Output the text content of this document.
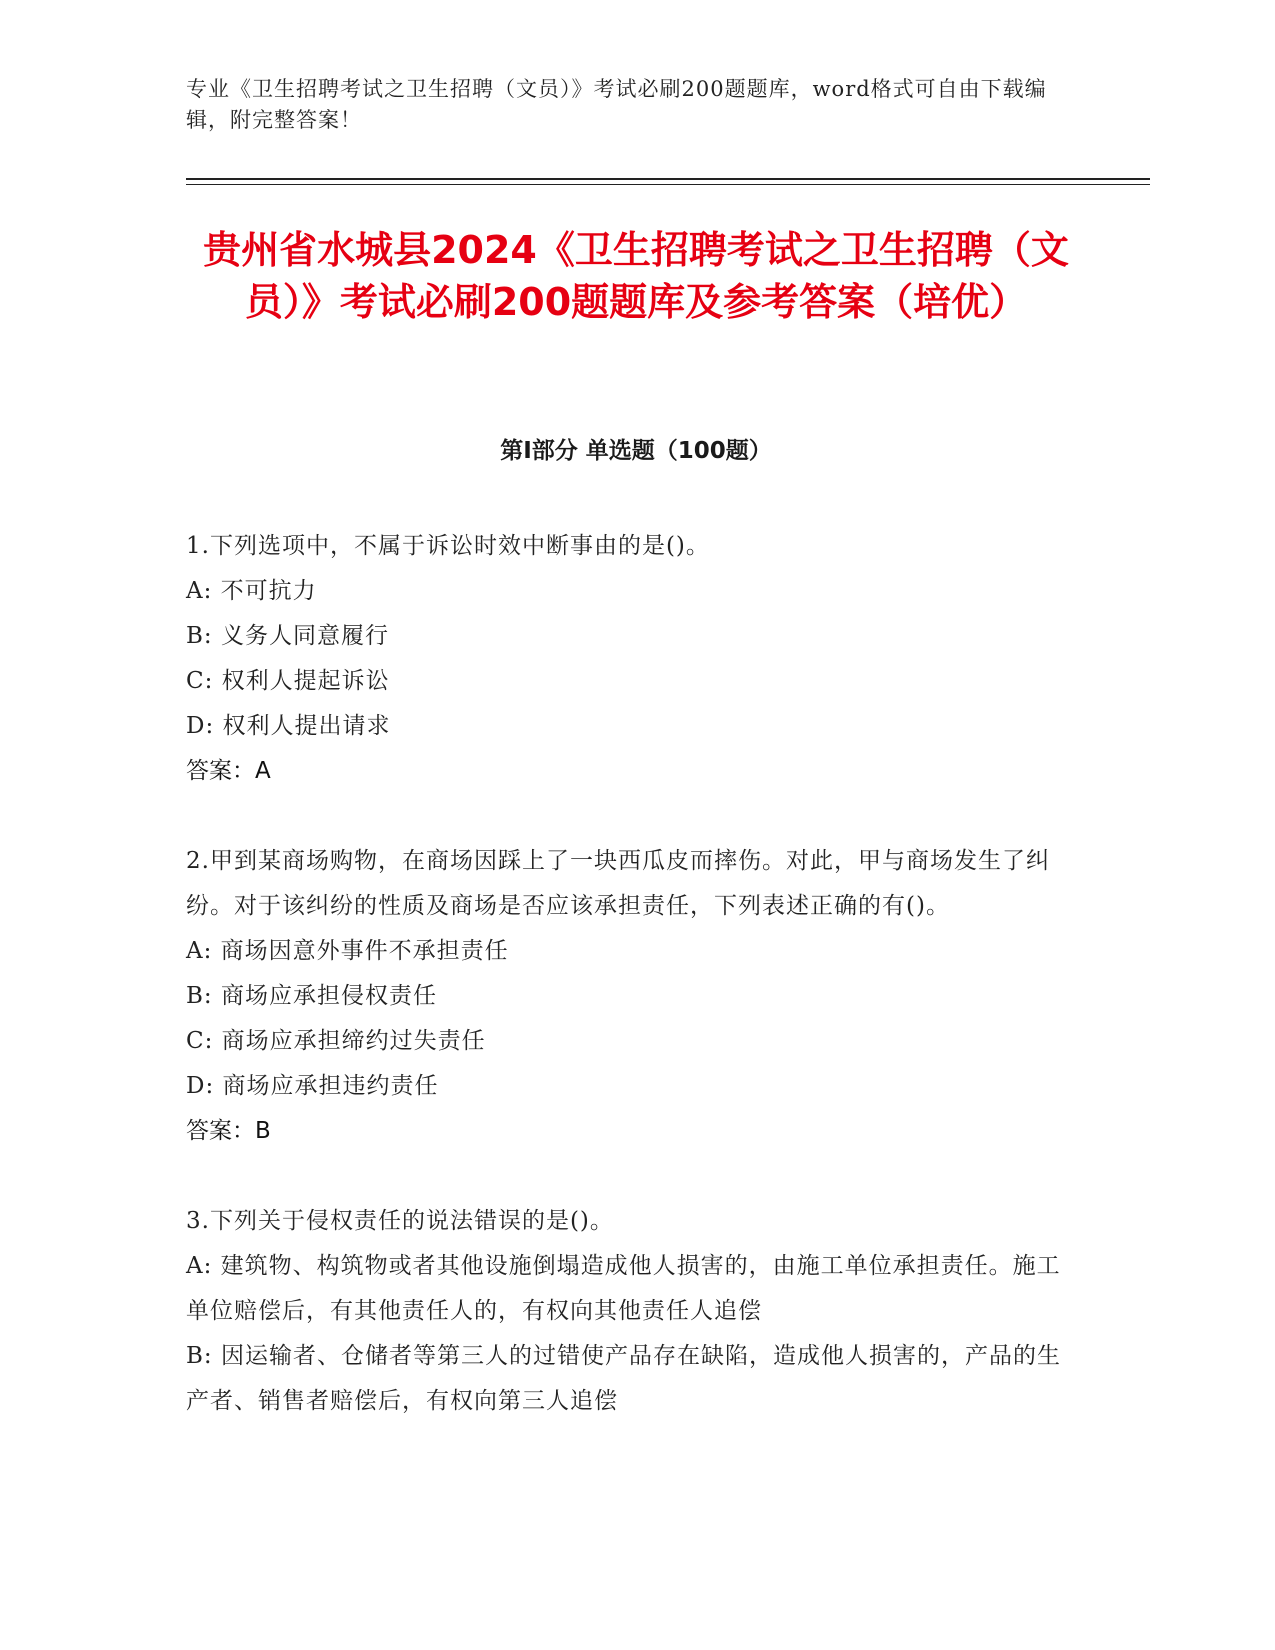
专业《卫生招聘考试之卫生招聘（文员）》考试必刷200题题库，word格式可自由下载编辑，附完整答案！
贵州省水城县2024《卫生招聘考试之卫生招聘（文员）》考试必刷200题题库及参考答案（培优）
第Ⅰ部分 单选题（100题）
1.下列选项中，不属于诉讼时效中断事由的是()。
A: 不可抗力
B: 义务人同意履行
C: 权利人提起诉讼
D: 权利人提出请求
答案：A
2.甲到某商场购物，在商场因踩上了一块西瓜皮而摔伤。对此，甲与商场发生了纠纷。对于该纠纷的性质及商场是否应该承担责任，下列表述正确的有()。
A: 商场因意外事件不承担责任
B: 商场应承担侵权责任
C: 商场应承担缔约过失责任
D: 商场应承担违约责任
答案：B
3.下列关于侵权责任的说法错误的是()。
A: 建筑物、构筑物或者其他设施倒塌造成他人损害的，由施工单位承担责任。施工单位赔偿后，有其他责任人的，有权向其他责任人追偿
B: 因运输者、仓储者等第三人的过错使产品存在缺陷，造成他人损害的，产品的生产者、销售者赔偿后，有权向第三人追偿
